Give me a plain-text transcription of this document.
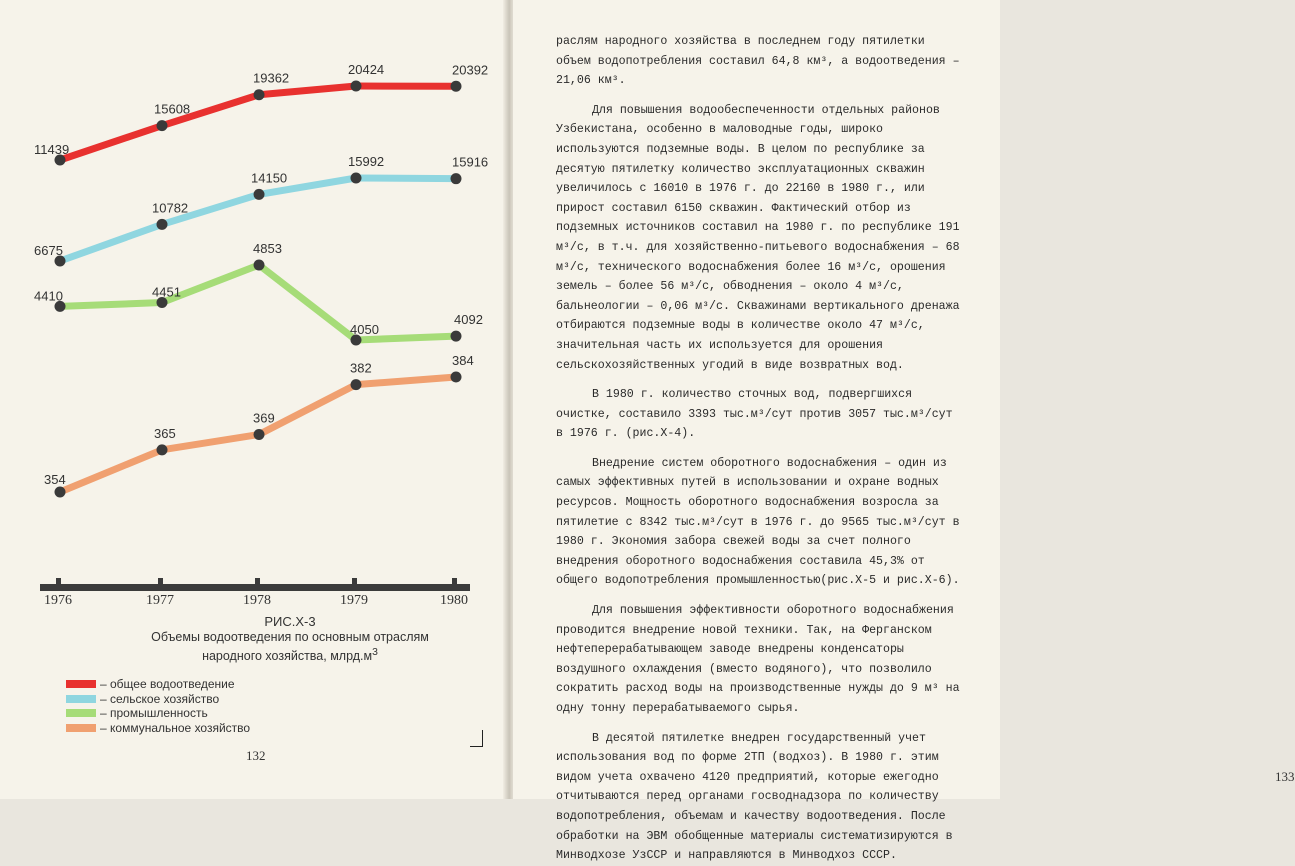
11439
15608
19362
20424	20392
6675
10782
14150
15992	15916
4410	4451
4853
4050
4092
354
365
369
382
384
1976	1977	1978	1979	1980
РИС.Х-3
Объемы водоотведения по основным отраслям
народного хозяйства, $млрд.м^3$
– общее водоотведение
– сельское хозяйство
– промышленность
– коммунальное хозяйство
132
133

раслям народного хозяйства в последнем году пятилетки объем водопотребления составил 64,8 км³, а водоотведения – 21,06 км³.

Для повышения водообеспеченности отдельных районов Узбекистана, особенно в маловодные годы, широко используются подземные воды. В целом по республике за десятую пятилетку количество эксплуатационных скважин увеличилось с 16010 в 1976 г. до 22160 в 1980 г., или прирост составил 6150 скважин. Фактический отбор из подземных источников составил на 1980 г. по республике 191 м³/с, в т.ч. для хозяйственно-питьевого водоснабжения – 68 м³/с, технического водоснабжения более 16 м³/с, орошения земель – более 56 м³/с, обводнения – около 4 м³/с, бальнеологии – 0,06 м³/с. Скважинами вертикального дренажа отбираются подземные воды в количестве около 47 м³/с, значительная часть их используется для орошения сельскохозяйственных угодий в виде возвратных вод.

В 1980 г. количество сточных вод, подвергшихся очистке, составило 3393 тыс.м³/сут против 3057 тыс.м³/сут в 1976 г. (рис.Х-4).

Внедрение систем оборотного водоснабжения – один из самых эффективных путей в использовании и охране водных ресурсов. Мощность оборотного водоснабжения возросла за пятилетие с 8342 тыс.м³/сут в 1976 г. до 9565 тыс.м³/сут в 1980 г. Экономия забора свежей воды за счет полного внедрения оборотного водоснабжения составила 45,3% от общего водопотребления промышленностью(рис.Х-5 и рис.Х-6).

Для повышения эффективности оборотного водоснабжения проводится внедрение новой техники. Так, на Ферганском нефтеперерабатывающем заводе внедрены конденсаторы воздушного охлаждения (вместо водяного), что позволило сократить расход воды на производственные нужды до 9 м³ на одну тонну перерабатываемого сырья.

В десятой пятилетке внедрен государственный учет использования вод по форме 2ТП (водхоз). В 1980 г. этим видом учета охвачено 4120 предприятий, которые ежегодно отчитываются перед органами госводнадзора по количеству водопотребления, объемам и качеству водоотведения. После обработки на ЭВМ обобщенные материалы систематизируются в Минводхозе УзССР и направляются в Минводхоз СССР.
